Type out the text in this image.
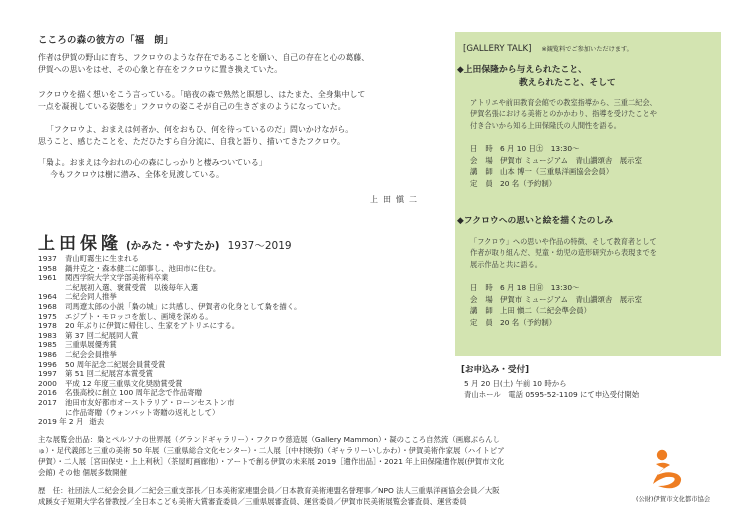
こころの森の彼方の「福　朗」
作者は伊賀の野山に育ち、フクロウのような存在であることを願い、自己の存在と心の葛藤、
伊賀への思いをはせ、その心象と存在をフクロウに置き換えていた。
フクロウを描く想いをこう言っている。「暗夜の森で熟然と瞑想し、はたまた、全身集中して
一点を凝視している姿態を」フクロウの姿こそが自己の生きざまのようになっていた。
「フクロウよ、おまえは何者か、何をおもひ、何を待っているのだ」問いかけながら。
思うこと、感じたことを、ただひたすら自分流に、自我と語り、描いてきたフクロウ。
「梟よ。おまえは今おれの心の森にしっかりと棲みついている」
今もフクロウは樹に潜み、全体を見渡している。
上田愼二
上田保隆 (かみた・やすたか) 1937〜2019
1937	青山町霧生に生まれる
1958	鍋井克之・森本健二に師事し、池田市に住む。
1961	関西学院大学文学部美術科卒業
二紀展初入選、褒賞受賞　以後毎年入選
1964	二紀会同人推挙
1968	司馬遼太郎の小説「梟の城」に共感し、伊賀者の化身として梟を描く。
1975	エジプト・モロッコを旅し、画境を深める。
1978	20 年ぶりに伊賀に帰住し、生家をアトリエにする。
1983	第 37 回二紀展同人賞
1985	三重県展優秀賞
1986	二紀会会員推挙
1996	50 周年記念二紀展会員賞受賞
1997	第 51 回二紀展宮本賞受賞
2000	平成 12 年度三重県文化奨励賞受賞
2016	名張高校に創立 100 周年記念で作品寄贈
2017	池田市友好都市オーストラリア・ローンセストン市
に作品寄贈（ウォンバット寄贈の返礼として）
2019 年 2 月 逝去
主な展覧会出品：梟とペルソナの世界展（グランドギャラリー）・フクロウ慈造展（Gallery Mammon）・凝のこころ自然流（画廊ぶらんし
ゅ）・足代義郎と三重の美術 50 年展（三重県総合文化センター）・二人展［(中村映弥)（ギャラリーいしかわ）・伊賀美術作家展（ハイトピア
伊賀）・二人展［宮田保史・上上利秋］（茶屋町画廊他）・アートで創る伊賀の未来展 2019［遺作出品］・2021 年上田保隆遺作展(伊賀市文化
会館) その他 個展多数開催
歴　任：社団法人二紀会会員／二紀会三重支部長／日本美術家連盟会員／日本教育美術連盟名誉理事／NPO 法人三重県洋画協会会員／大阪
成蹊女子短期大学名誉教授／全日本こども美術大賞審査委員／三重県展審査員、運営委員／伊賀市民美術展覧会審査員、運営委員
[GALLERY TALK] ※観覧料でご参加いただけます。
◆上田保隆から与えられたこと、
教えられたこと、そして
アトリエや前田教育会館での教室指導から、三重二紀会、
伊賀名張における美術とのかかわり、指導を受けたことや
付き合いから知る上田保隆氏の人間性を語る。
日時 6 月 10 日㊏　13:30〜
会場 伊賀市 ミュージアム　青山讃頌舎　展示室
講師 山本 博一（三重県洋画協会会員）
定員 20 名（予約制）
◆フクロウへの思いと絵を描くたのしみ
「フクロウ」への思いや作品の特徴、そして教育者として
作者が取り組んだ、児童・幼児の造形研究から表現までを
展示作品と共に語る。
日時 6 月 18 日㊐　13:30〜
会場 伊賀市 ミュージアム　青山讃頌舎　展示室
講師 上田 愼二（二紀会準会員）
定員 20 名（予約制）
[お申込み・受付]
5 月 20 日(土) 午前 10 時から
青山ホール　電話 0595-52-1109 にて申込受付開始
(公財)伊賀市文化都市協会
